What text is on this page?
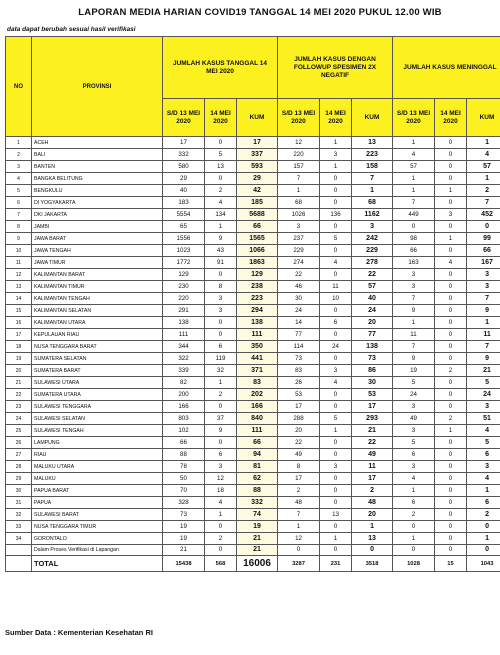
LAPORAN MEDIA HARIAN COVID19 TANGGAL 14 MEI 2020 PUKUL 12.00 WIB
data dapat berubah sesuai hasil verifikasi
NO	PROVINSI	JUMLAH KASUS TANGGAL 14 MEI 2020			JUMLAH KASUS DENGAN FOLLOWUP SPESIMEN 2X NEGATIF			JUMLAH KASUS MENINGGAL		
		S/D 13 MEI 2020	14 MEI 2020	KUM	S/D 13 MEI 2020	14 MEI 2020	KUM	S/D 13 MEI 2020	14 MEI 2020	KUM
1	ACEH	17	0	17	12	1	13	1	0	1
2	BALI	332	5	337	220	3	223	4	0	4
3	BANTEN	580	13	593	157	1	158	57	0	57
4	BANGKA BELITUNG	29	0	29	7	0	7	1	0	1
5	BENGKULU	40	2	42	1	0	1	1	1	2
6	DI YOGYAKARTA	183	4	185	68	0	68	7	0	7
7	DKI JAKARTA	5554	134	5688	1026	136	1162	449	3	452
8	JAMBI	65	1	66	3	0	3	0	0	0
9	JAWA BARAT	1556	9	1565	237	5	242	98	1	99
10	JAWA TENGAH	1023	43	1066	229	0	229	66	0	66
11	JAWA TIMUR	1772	91	1863	274	4	278	163	4	167
12	KALIMANTAN BARAT	129	0	129	22	0	22	3	0	3
13	KALIMANTAN TIMUR	230	8	238	46	11	57	3	0	3
14	KALIMANTAN TENGAH	220	3	223	30	10	40	7	0	7
15	KALIMANTAN SELATAN	291	3	294	24	0	24	9	0	9
16	KALIMANTAN UTARA	138	0	138	14	6	20	1	0	1
17	KEPULAUAN RIAU	111	0	111	77	0	77	11	0	11
18	NUSA TENGGARA BARAT	344	6	350	114	24	138	7	0	7
19	SUMATERA SELATAN	322	119	441	73	0	73	9	0	9
20	SUMATERA BARAT	339	32	371	83	3	86	19	2	21
21	SULAWESI UTARA	82	1	83	26	4	30	5	0	5
22	SUMATERA UTARA	200	2	202	53	0	53	24	0	24
23	SULAWESI TENGGARA	166	0	166	17	0	17	3	0	3
24	SULAWESI SELATAN	803	37	840	288	5	293	49	2	51
25	SULAWESI TENGAH	102	9	111	20	1	21	3	1	4
26	LAMPUNG	66	0	66	22	0	22	5	0	5
27	RIAU	88	6	94	49	0	49	6	0	6
28	MALUKU UTARA	78	3	81	8	3	11	3	0	3
29	MALUKU	50	12	62	17	0	17	4	0	4
30	PAPUA BARAT	70	18	88	2	0	2	1	0	1
31	PAPUA	328	4	332	48	0	48	6	0	6
32	SULAWESI BARAT	73	1	74	7	13	20	2	0	2
33	NUSA TENGGARA TIMUR	19	0	19	1	0	1	0	0	0
34	GORONTALO	19	2	21	12	1	13	1	0	1
	Dalam Proses Verifikasi di Lapangan	21	0	21	0	0	0	0	0	0
	TOTAL	15438	568	16006	3287	231	3518	1028	15	1043
Sumber Data : Kementerian Kesehatan RI
